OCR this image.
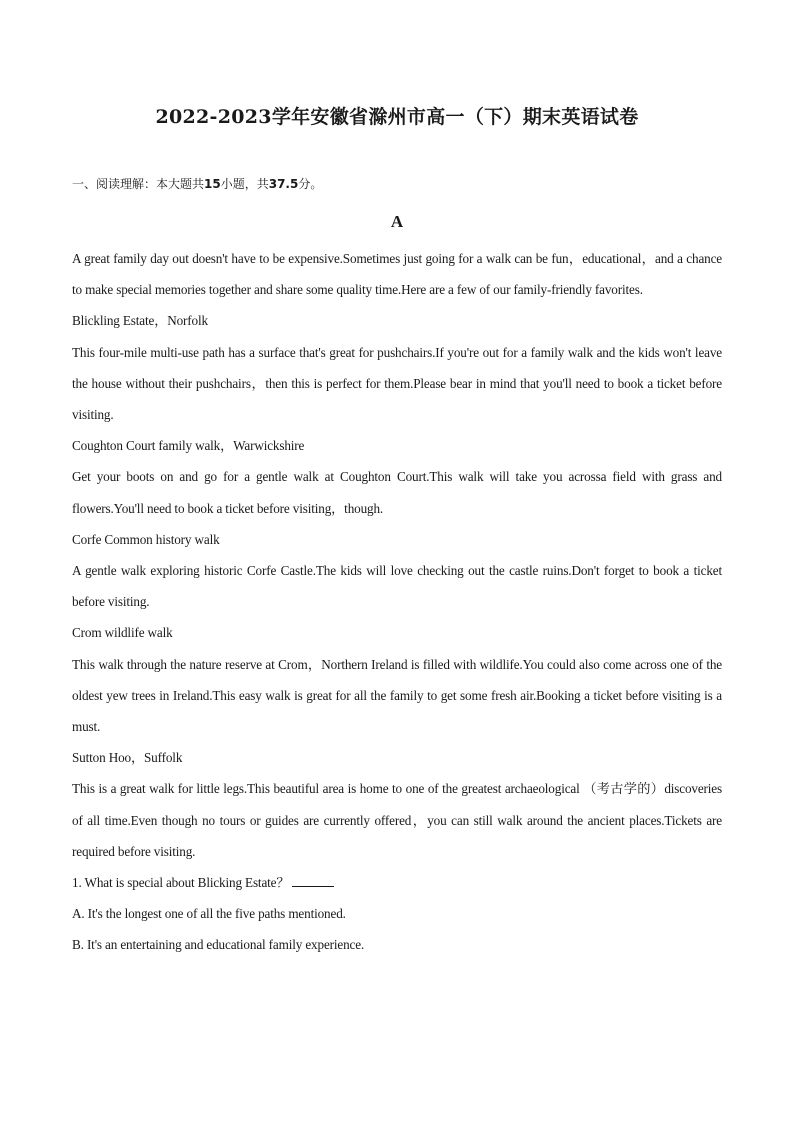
2022-2023学年安徽省滁州市高一（下）期末英语试卷
一、阅读理解：本大题共15小题，共37.5分。
A

A great family day out doesn't have to be expensive.Sometimes just going for a walk can be fun，educational，and a chance to make special memories together and share some quality time.Here are a few of our family-friendly favorites.

Blickling Estate，Norfolk

This four-mile multi-use path has a surface that's great for pushchairs.If you're out for a family walk and the kids won't leave the house without their pushchairs，then this is perfect for them.Please bear in mind that you'll need to book a ticket before visiting.

Coughton Court family walk，Warwickshire

Get your boots on and go for a gentle walk at Coughton Court.This walk will take you acrossa field with grass and flowers.You'll need to book a ticket before visiting，though.

Corfe Common history walk

A gentle walk exploring historic Corfe Castle.The kids will love checking out the castle ruins.Don't forget to book a ticket before visiting.

Crom wildlife walk

This walk through the nature reserve at Crom，Northern Ireland is filled with wildlife.You could also come across one of the oldest yew trees in Ireland.This easy walk is great for all the family to get some fresh air.Booking a ticket before visiting is a must.

Sutton Hoo，Suffolk

This is a great walk for little legs.This beautiful area is home to one of the greatest archaeological （考古学的）discoveries of all time.Even though no tours or guides are currently offered，you can still walk around the ancient places.Tickets are required before visiting.

1. What is special about Blicking Estate？

A. It's the longest one of all the five paths mentioned.

B. It's an entertaining and educational family experience.
